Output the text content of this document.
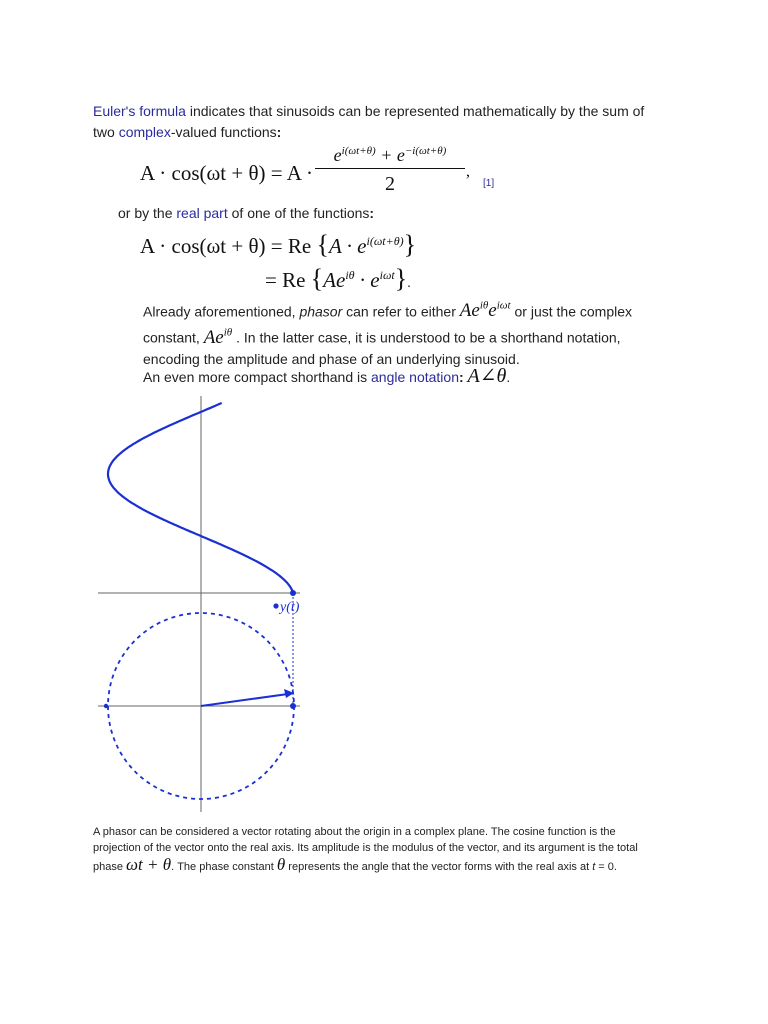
Euler's formula indicates that sinusoids can be represented mathematically by the sum of
two complex-valued functions:
A · cos(ωt + θ) = A ·
$e^{i(\omega t+\theta)} + e^{-i(\omega t+\theta)}$
2
,
[1]
or by the real part of one of the functions:
A · cos(ωt + θ) = Re $\{A \cdot e^{i(\omega t+\theta)}\}$
= Re $\{Ae^{i\theta} \cdot e^{i\omega t}\}$.
Already aforementioned, phasor can refer to either $Ae^{i\theta}e^{i\omega t}$ or just the complex
constant, $Ae^{i\theta}$ . In the latter case, it is understood to be a shorthand notation,
encoding the amplitude and phase of an underlying sinusoid.
An even more compact shorthand is angle notation: A∠θ.
y(t)
A phasor can be considered a vector rotating about the origin in a complex plane. The cosine function is the
projection of the vector onto the real axis. Its amplitude is the modulus of the vector, and its argument is the total
phase ωt + θ. The phase constant θ represents the angle that the vector forms with the real axis at t = 0.
